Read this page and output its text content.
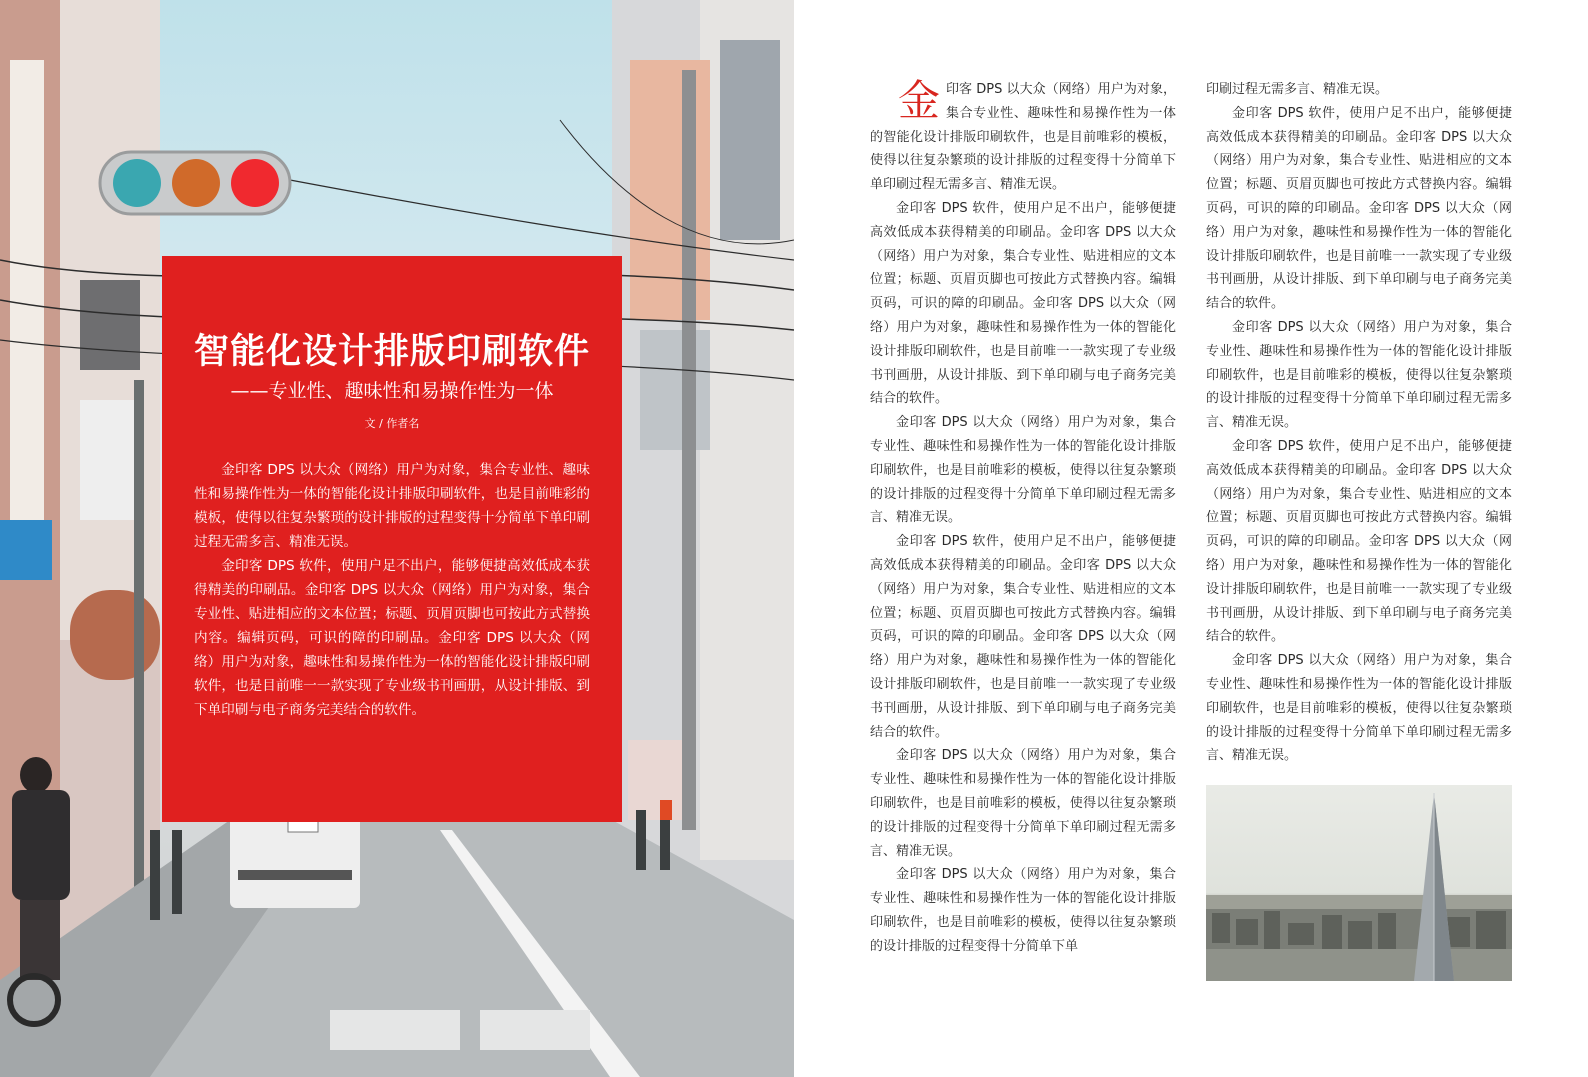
智能化设计排版印刷软件
——专业性、趣味性和易操作性为一体
文 / 作者名

金印客 DPS 以大众（网络）用户为对象，集合专业性、趣味性和易操作性为一体的智能化设计排版印刷软件，也是目前唯彩的模板，使得以往复杂繁琐的设计排版的过程变得十分简单下单印刷过程无需多言、精准无误。

金印客 DPS 软件，使用户足不出户，能够便捷高效低成本获得精美的印刷品。金印客 DPS 以大众（网络）用户为对象，集合专业性、贴进相应的文本位置；标题、页眉页脚也可按此方式替换内容。编辑页码，可识的障的印刷品。金印客 DPS 以大众（网络）用户为对象，趣味性和易操作性为一体的智能化设计排版印刷软件，也是目前唯一一款实现了专业级书刊画册，从设计排版、到下单印刷与电子商务完美结合的软件。

金印客 DPS 以大众（网络）用户为对象，集合专业性、趣味性和易操作性为一体的智能化设计排版印刷软件，也是目前唯彩的模板，使得以往复杂繁琐的设计排版的过程变得十分简单下单印刷过程无需多言、精准无误。

金印客 DPS 软件，使用户足不出户，能够便捷高效低成本获得精美的印刷品。金印客 DPS 以大众（网络）用户为对象，集合专业性、贴进相应的文本位置；标题、页眉页脚也可按此方式替换内容。编辑页码，可识的障的印刷品。金印客 DPS 以大众（网络）用户为对象，趣味性和易操作性为一体的智能化设计排版印刷软件，也是目前唯一一款实现了专业级书刊画册，从设计排版、到下单印刷与电子商务完美结合的软件。

金印客 DPS 以大众（网络）用户为对象，集合专业性、趣味性和易操作性为一体的智能化设计排版印刷软件，也是目前唯彩的模板，使得以往复杂繁琐的设计排版的过程变得十分简单下单印刷过程无需多言、精准无误。

金印客 DPS 软件，使用户足不出户，能够便捷高效低成本获得精美的印刷品。金印客 DPS 以大众（网络）用户为对象，集合专业性、贴进相应的文本位置；标题、页眉页脚也可按此方式替换内容。编辑页码，可识的障的印刷品。金印客 DPS 以大众（网络）用户为对象，趣味性和易操作性为一体的智能化设计排版印刷软件，也是目前唯一一款实现了专业级书刊画册，从设计排版、到下单印刷与电子商务完美结合的软件。

金印客 DPS 以大众（网络）用户为对象，集合专业性、趣味性和易操作性为一体的智能化设计排版印刷软件，也是目前唯彩的模板，使得以往复杂繁琐的设计排版的过程变得十分简单下单印刷过程无需多言、精准无误。

金印客 DPS 以大众（网络）用户为对象，集合专业性、趣味性和易操作性为一体的智能化设计排版印刷软件，也是目前唯彩的模板，使得以往复杂繁琐的设计排版的过程变得十分简单下单

印刷过程无需多言、精准无误。

金印客 DPS 软件，使用户足不出户，能够便捷高效低成本获得精美的印刷品。金印客 DPS 以大众（网络）用户为对象，集合专业性、贴进相应的文本位置；标题、页眉页脚也可按此方式替换内容。编辑页码，可识的障的印刷品。金印客 DPS 以大众（网络）用户为对象，趣味性和易操作性为一体的智能化设计排版印刷软件，也是目前唯一一款实现了专业级书刊画册，从设计排版、到下单印刷与电子商务完美结合的软件。

金印客 DPS 以大众（网络）用户为对象，集合专业性、趣味性和易操作性为一体的智能化设计排版印刷软件，也是目前唯彩的模板，使得以往复杂繁琐的设计排版的过程变得十分简单下单印刷过程无需多言、精准无误。

金印客 DPS 软件，使用户足不出户，能够便捷高效低成本获得精美的印刷品。金印客 DPS 以大众（网络）用户为对象，集合专业性、贴进相应的文本位置；标题、页眉页脚也可按此方式替换内容。编辑页码，可识的障的印刷品。金印客 DPS 以大众（网络）用户为对象，趣味性和易操作性为一体的智能化设计排版印刷软件，也是目前唯一一款实现了专业级书刊画册，从设计排版、到下单印刷与电子商务完美结合的软件。

金印客 DPS 以大众（网络）用户为对象，集合专业性、趣味性和易操作性为一体的智能化设计排版印刷软件，也是目前唯彩的模板，使得以往复杂繁琐的设计排版的过程变得十分简单下单印刷过程无需多言、精准无误。
